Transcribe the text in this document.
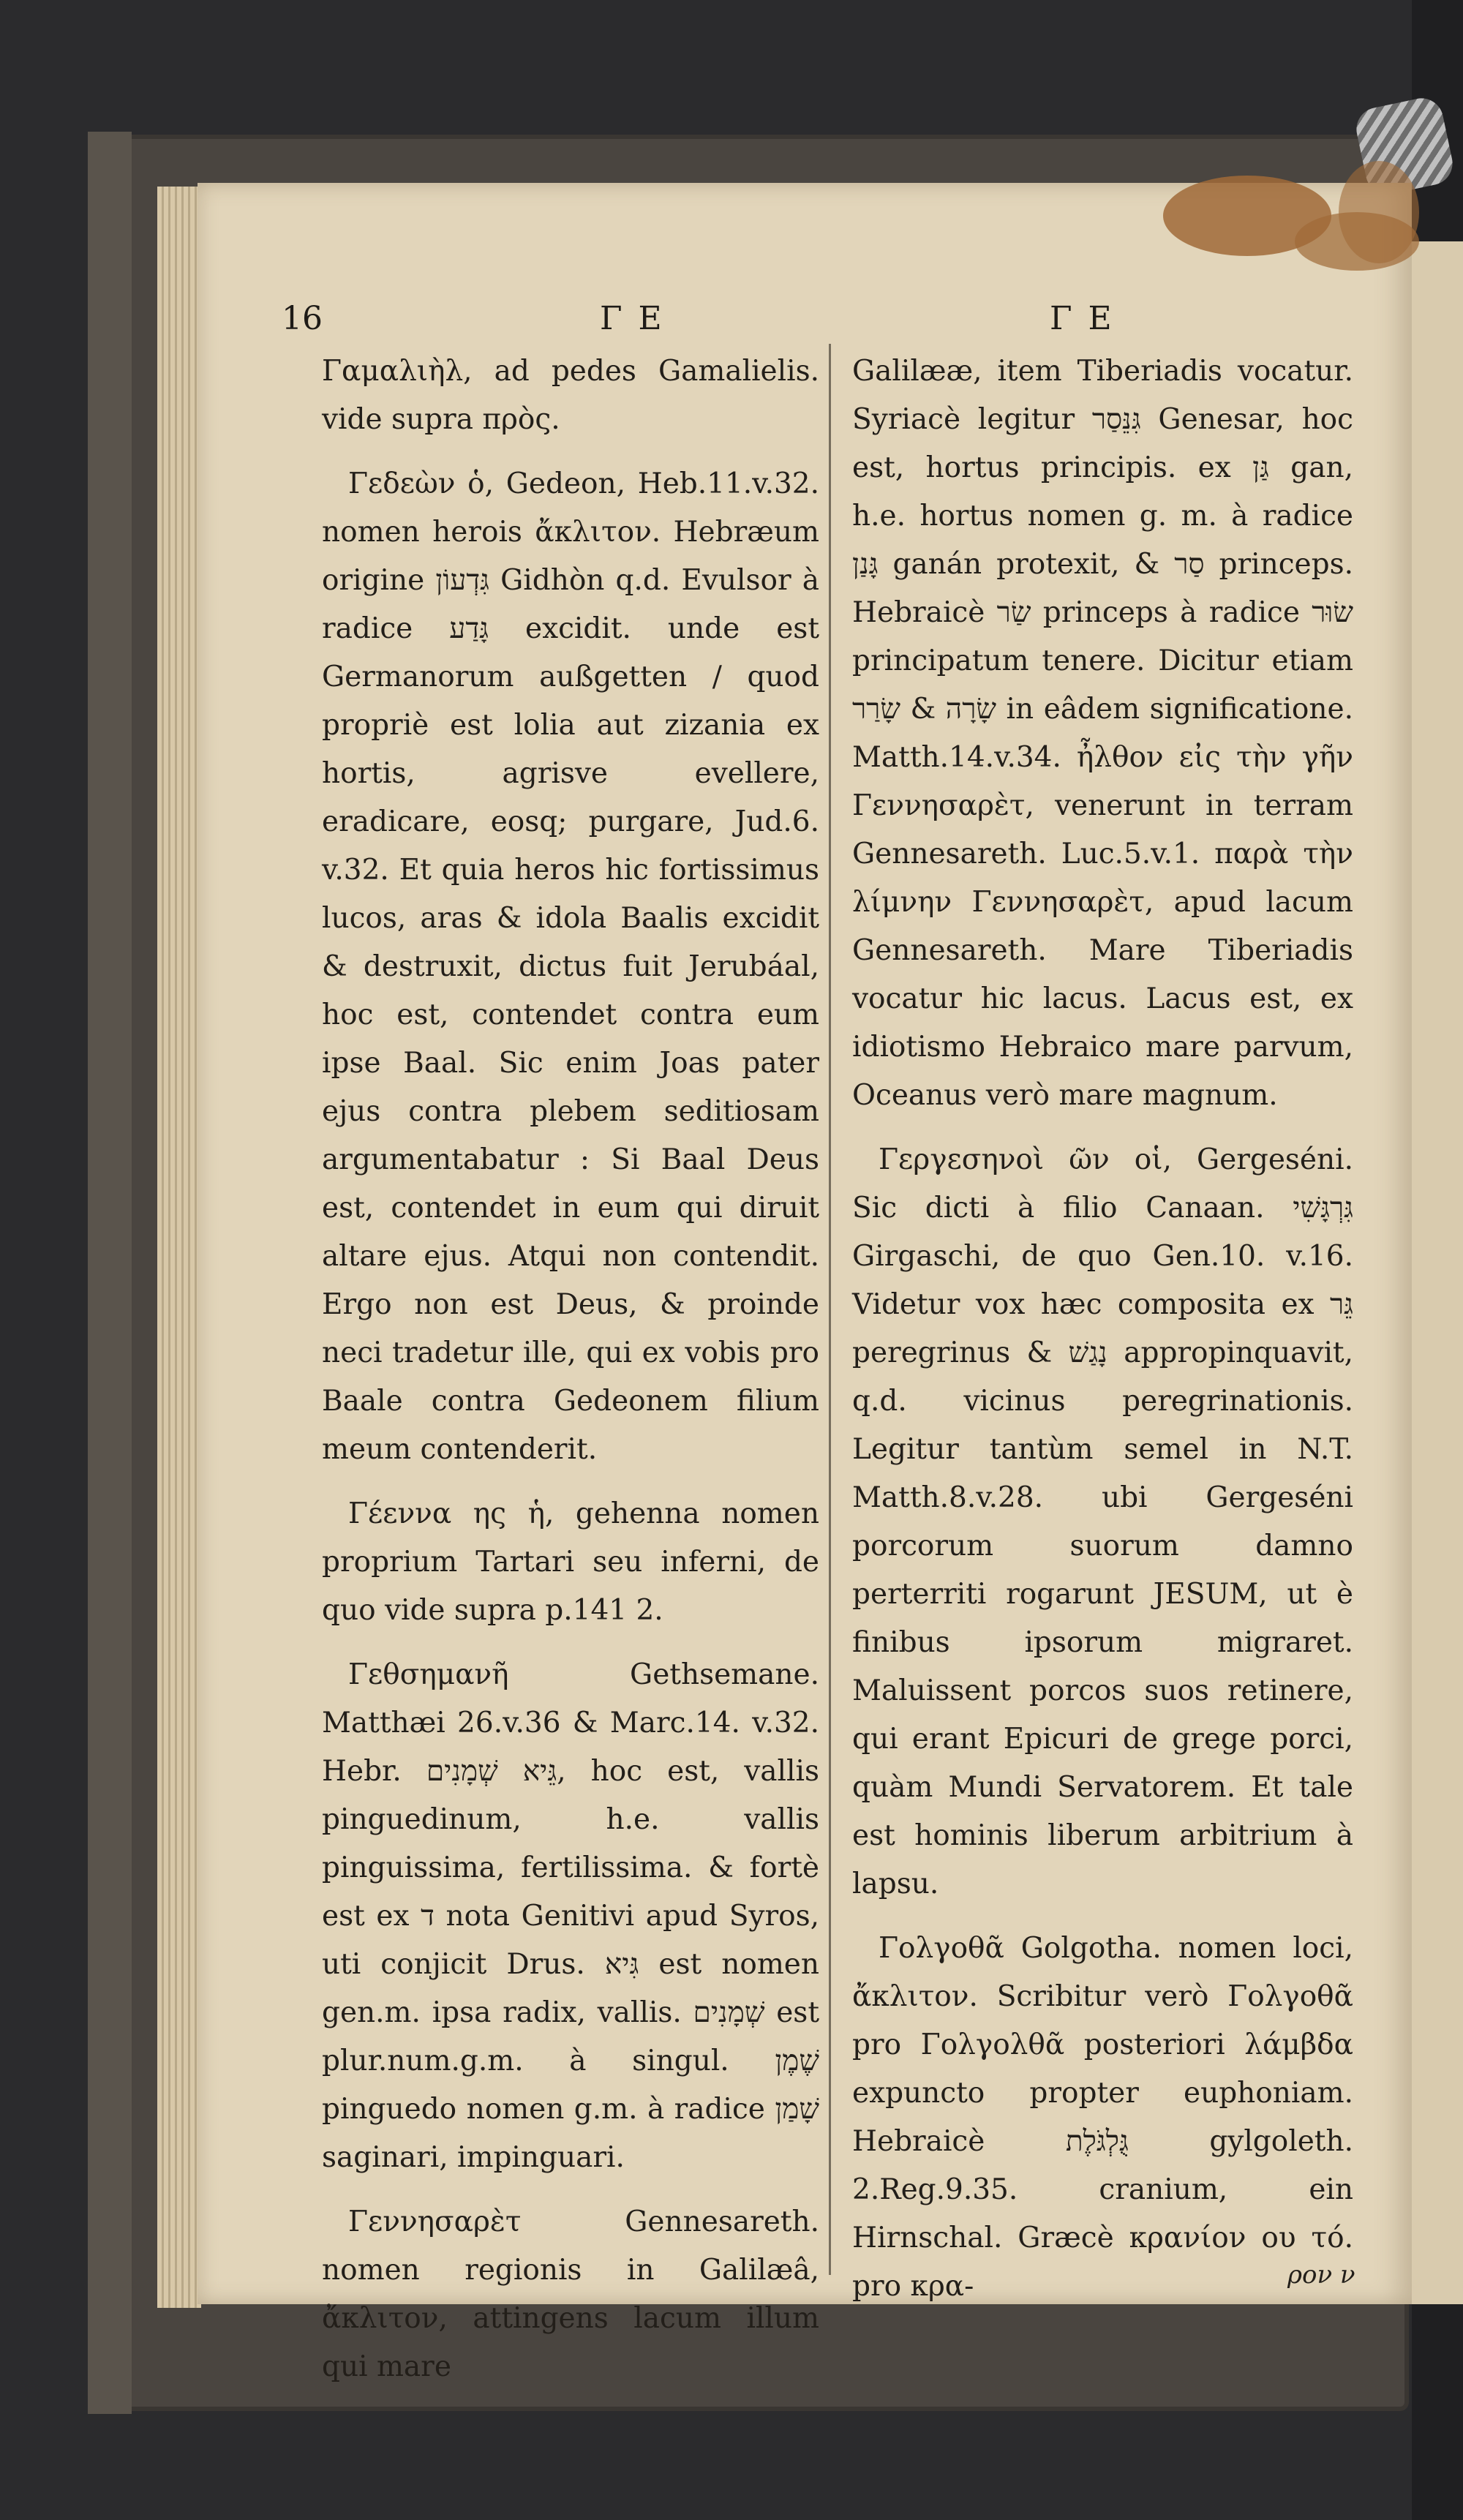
16	Γ Ε	Γ Ε

Γαμαλιὴλ, ad pedes Gamalielis. vide supra πρὸς.

Γεδεὼν ὁ, Gedeon, Heb.11.v.32. nomen herois ἄκλιτον. Hebræum origine גִּדְעוֹן Gidhòn q.d. Evulsor à radice גָּדַע excidit. unde est Germanorum außgetten / quod propriè est lolia aut zizania ex hortis, agrisve evellere, eradicare, eosq; purgare, Jud.6. v.32. Et quia heros hic fortissimus lucos, aras & idola Baalis excidit & destruxit, dictus fuit Jerubáal, hoc est, contendet contra eum ipse Baal. Sic enim Joas pater ejus contra plebem seditiosam argumentabatur : Si Baal Deus est, contendet in eum qui diruit altare ejus. Atqui non contendit. Ergo non est Deus, & proinde neci tradetur ille, qui ex vobis pro Baale contra Gedeonem filium meum contenderit.

Γέεννα ης ἡ, gehenna nomen proprium Tartari seu inferni, de quo vide supra p.141 2.

Γεθσημανῆ Gethsemane. Matthæi 26.v.36 & Marc.14. v.32. Hebr. גֵּיא שְׁמָנִים, hoc est, vallis pinguedinum, h.e. vallis pinguissima, fertilissima. & fortè est ex ד nota Genitivi apud Syros, uti conjicit Drus. גִּיא est nomen gen.m. ipsa radix, vallis. שְׁמָנִים est plur.num.g.m. à singul. שֶׁמֶן pinguedo nomen g.m. à radice שָׁמַן saginari, impinguari.

Γεννησαρὲτ Gennesareth. nomen regionis in Galilæâ, ἄκλιτον, attingens lacum illum qui mare

Galilææ, item Tiberiadis vocatur. Syriacè legitur גִּנֵּסַר Genesar, hoc est, hortus principis. ex גַּן gan, h.e. hortus nomen g. m. à radice גָּנַן ganán protexit, & סַר princeps. Hebraicè שַׂר princeps à radice שׂוּר principatum tenere. Dicitur etiam שָׂרָה & שָׂרַר in eâdem significatione. Matth.14.v.34. ἦλθον εἰς τὴν γῆν Γεννησαρὲτ, venerunt in terram Gennesareth. Luc.5.v.1. παρὰ τὴν λίμνην Γεννησαρὲτ, apud lacum Gennesareth. Mare Tiberiadis vocatur hic lacus. Lacus est, ex idiotismo Hebraico mare parvum, Oceanus verò mare magnum.

Γεργεσηνοὶ ῶν οἱ, Gergeséni. Sic dicti à filio Canaan. גִּרְגָּשִׁי Girgaschi, de quo Gen.10. v.16. Videtur vox hæc composita ex גֵּר peregrinus & נָגַשׁ appropinquavit, q.d. vicinus peregrinationis. Legitur tantùm semel in N.T. Matth.8.v.28. ubi Gergeséni porcorum suorum damno perterriti rogarunt JESUM, ut è finibus ipsorum migraret. Maluissent porcos suos retinere, qui erant Epicuri de grege porci, quàm Mundi Servatorem. Et tale est hominis liberum arbitrium à lapsu.

Γολγοθᾶ Golgotha. nomen loci, ἄκλιτον. Scribitur verò Γολγοθᾶ pro Γολγολθᾶ posteriori λάμβδα expuncto propter euphoniam. Hebraicè גֻּלְגֹּלֶת gylgoleth. 2.Reg.9.35. cranium, ein Hirnschal. Græcè κρανίον ου τό. pro κρα-	ρον ν
